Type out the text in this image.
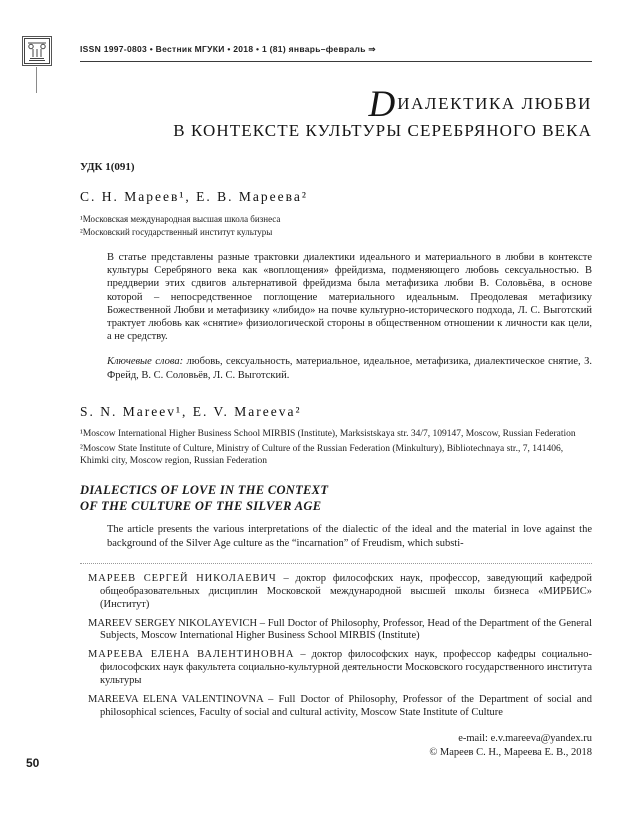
ISSN 1997-0803 • Вестник МГУКИ • 2018 • 1 (81) январь–февраль ⇒
DИАЛЕКТИКА ЛЮБВИ
В КОНТЕКСТЕ КУЛЬТУРЫ СЕРЕБРЯНОГО ВЕКА
УДК 1(091)
С. Н. Мареев¹, Е. В. Мареева²
¹Московская международная высшая школа бизнеса
²Московский государственный институт культуры

В статье представлены разные трактовки диалектики идеального и материального в любви в контексте культуры Серебряного века как «воплощения» фрейдизма, подменяющего любовь сексуальностью. В преддверии этих сдвигов альтернативой фрейдизма была метафизика любви В. Соловьёва, в основе которой – непосредственное поглощение материального идеальным. Преодолевая метафизику Божественной Любви и метафизику «либидо» на почве культурно-исторического подхода, Л. С. Выготский трактует любовь как «снятие» физиологической стороны в общественном отношении к личности как цели, а не средству.

Ключевые слова: любовь, сексуальность, материальное, идеальное, метафизика, диалектическое снятие, З. Фрейд, В. С. Соловьёв, Л. С. Выготский.

S. N. Mareev¹, E. V. Mareeva²

¹Moscow International Higher Business School MIRBIS (Institute), Marksistskaya str. 34/7, 109147, Moscow, Russian Federation

²Moscow State Institute of Culture, Ministry of Culture of the Russian Federation (Minkultury), Bibliotechnaya str., 7, 141406, Khimki city, Moscow region, Russian Federation

DIALECTICS OF LOVE IN THE CONTEXT
OF THE CULTURE OF THE SILVER AGE

The article presents the various interpretations of the dialectic of the ideal and the material in love against the background of the Silver Age culture as the “incarnation” of Freudism, which substi-

МАРЕЕВ СЕРГЕЙ НИКОЛАЕВИЧ – доктор философских наук, профессор, заведующий кафедрой общеобразовательных дисциплин Московской международной высшей школы бизнеса «МИРБИС» (Институт)

MAREEV SERGEY NIKOLAYEVICH – Full Doctor of Philosophy, Professor, Head of the Department of the General Subjects, Moscow International Higher Business School MIRBIS (Institute)

МАРЕЕВА ЕЛЕНА ВАЛЕНТИНОВНА – доктор философских наук, профессор кафедры социально-философских наук факультета социально-культурной деятельности Московского государственного института культуры

MAREEVA ELENA VALENTINOVNA – Full Doctor of Philosophy, Professor of the Department of social and philosophical sciences, Faculty of social and cultural activity, Moscow State Institute of Culture

e-mail: e.v.mareeva@yandex.ru
© Мареев С. Н., Мареева Е. В., 2018
50
